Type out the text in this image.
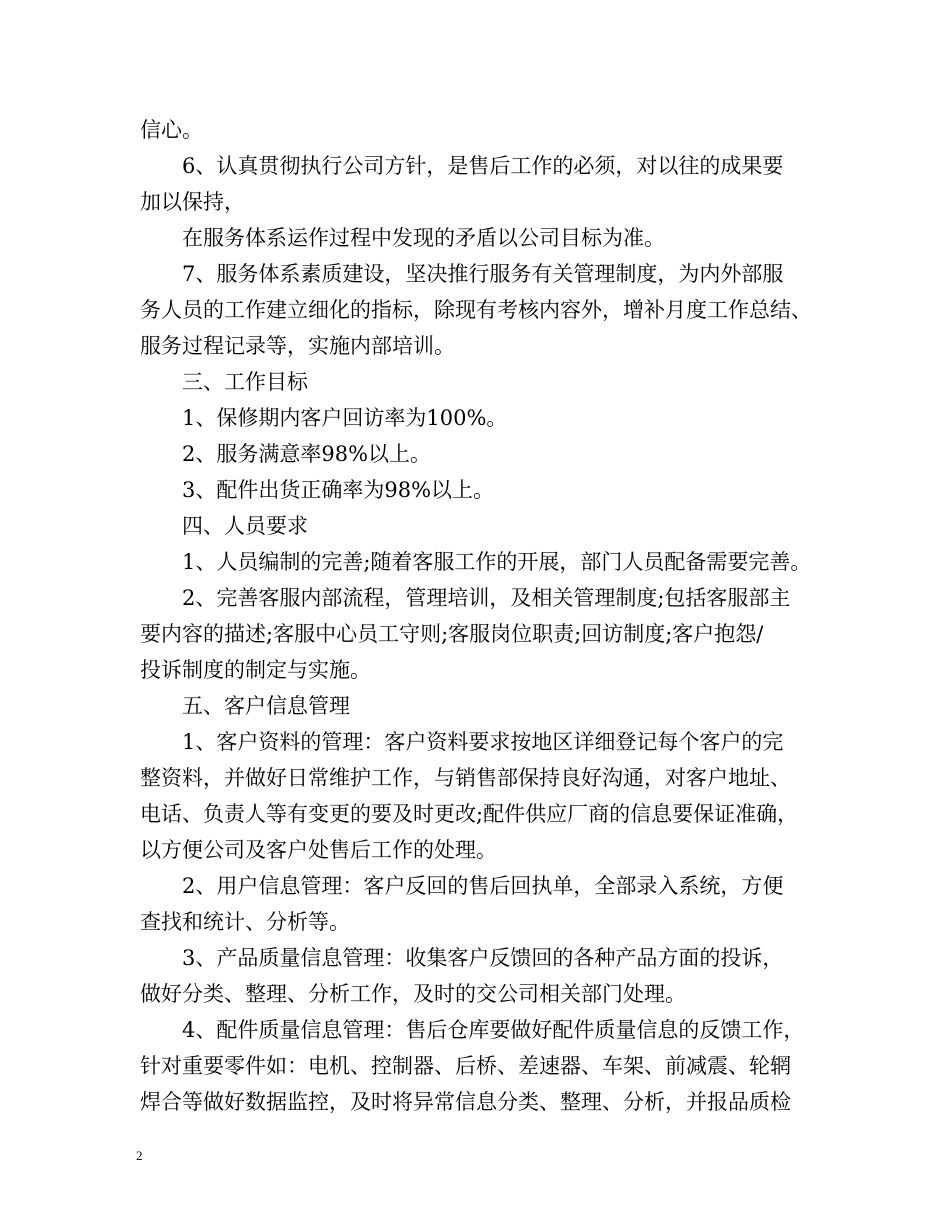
信心。
6、认真贯彻执行公司方针，是售后工作的必须，对以往的成果要
加以保持，
在服务体系运作过程中发现的矛盾以公司目标为准。
7、服务体系素质建设，坚决推行服务有关管理制度，为内外部服
务人员的工作建立细化的指标，除现有考核内容外，增补月度工作总结、
服务过程记录等，实施内部培训。
三、工作目标
1、保修期内客户回访率为100%。
2、服务满意率98%以上。
3、配件出货正确率为98%以上。
四、人员要求
1、人员编制的完善;随着客服工作的开展，部门人员配备需要完善。
2、完善客服内部流程，管理培训，及相关管理制度;包括客服部主
要内容的描述;客服中心员工守则;客服岗位职责;回访制度;客户抱怨/
投诉制度的制定与实施。
五、客户信息管理
1、客户资料的管理：客户资料要求按地区详细登记每个客户的完
整资料，并做好日常维护工作，与销售部保持良好沟通，对客户地址、
电话、负责人等有变更的要及时更改;配件供应厂商的信息要保证准确，
以方便公司及客户处售后工作的处理。
2、用户信息管理：客户反回的售后回执单，全部录入系统，方便
查找和统计、分析等。
3、产品质量信息管理：收集客户反馈回的各种产品方面的投诉，
做好分类、整理、分析工作，及时的交公司相关部门处理。
4、配件质量信息管理：售后仓库要做好配件质量信息的反馈工作，
针对重要零件如：电机、控制器、后桥、差速器、车架、前减震、轮辋
焊合等做好数据监控，及时将异常信息分类、整理、分析，并报品质检
2
